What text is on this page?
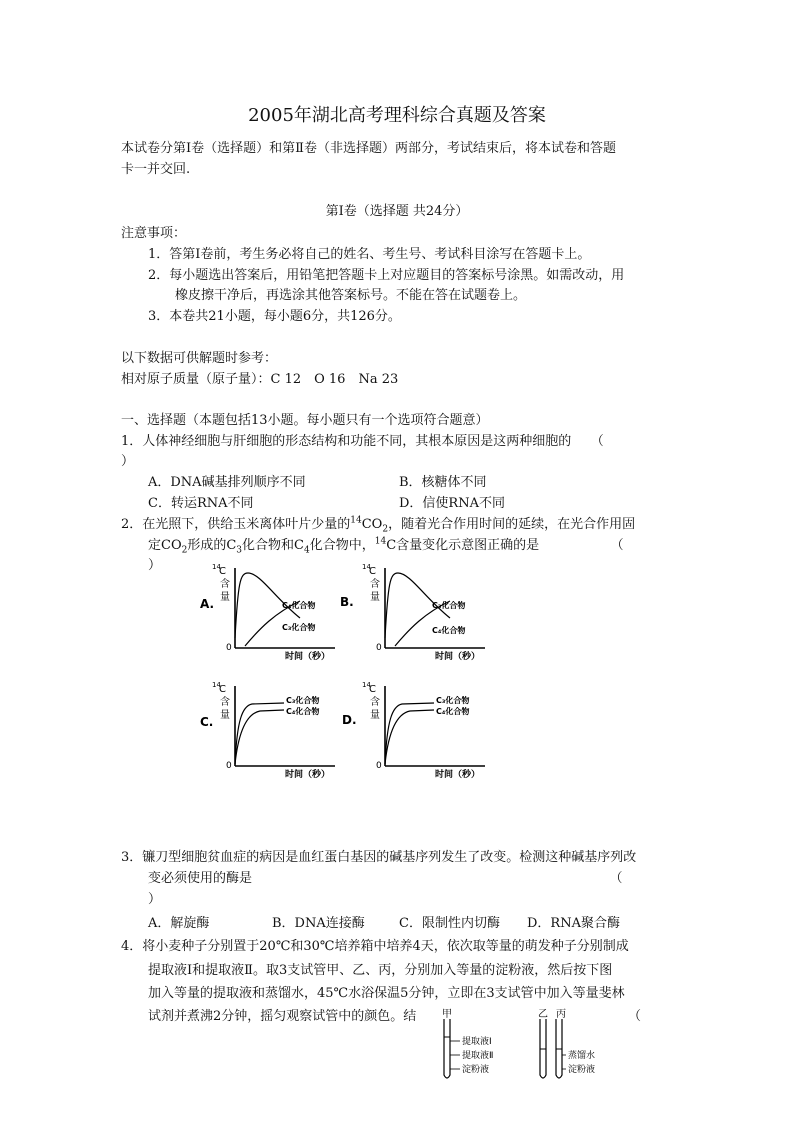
2005年湖北高考理科综合真题及答案
本试卷分第Ⅰ卷（选择题）和第Ⅱ卷（非选择题）两部分，考试结束后，将本试卷和答题
卡一并交回.
第Ⅰ卷（选择题 共24分）
注意事项：
1．答第Ⅰ卷前，考生务必将自己的姓名、考生号、考试科目涂写在答题卡上。
2．每小题选出答案后，用铅笔把答题卡上对应题目的答案标号涂黑。如需改动，用
橡皮擦干净后，再选涂其他答案标号。不能在答在试题卷上。
3．本卷共21小题，每小题6分，共126分。
以下数据可供解题时参考：
相对原子质量（原子量）：C 12　O 16　Na 23
一、选择题（本题包括13小题。每小题只有一个选项符合题意）
1．人体神经细胞与肝细胞的形态结构和功能不同，其根本原因是这两种细胞的　　（
）
A．DNA碱基排列顺序不同	B．核糖体不同
C．转运RNA不同	D．信使RNA不同
2．在光照下，供给玉米离体叶片少量的$^{14}CO_2$，随着光合作用时间的延续，在光合作用固
定$CO_2$形成的$C_3$化合物和$C_4$化合物中，$^{14}$C含量变化示意图正确的是　　　　　　（
）	14
C
含
量
0
时间（秒）
A.	C₄化合物
C₃化合物
14
C
含
量
0
时间（秒）
B.	C₃化合物
C₄化合物
14
C
含
量
0
时间（秒）
C.
C₃化合物
C₄化合物
14
C
含
量
0
时间（秒）
D.
C₃化合物
C₄化合物
3．镰刀型细胞贫血症的病因是血红蛋白基因的碱基序列发生了改变。检测这种碱基序列改
变必须使用的酶是　　　　　　　　　　　　　　　　　　　　　　　　　　　　（
）
A．解旋酶	B．DNA连接酶	C．限制性内切酶 D．RNA聚合酶
4．将小麦种子分别置于20℃和30℃培养箱中培养4天，依次取等量的萌发种子分别制成
提取液Ⅰ和提取液Ⅱ。取3支试管甲、乙、丙，分别加入等量的淀粉液，然后按下图
加入等量的提取液和蒸馏水，45℃水浴保温5分钟，立即在3支试管中加入等量斐林
试剂并煮沸2分钟，摇匀观察试管中的颜色。结	（
甲	乙 丙
提取液Ⅰ
提取液Ⅱ
淀粉液
蒸馏水
淀粉液
